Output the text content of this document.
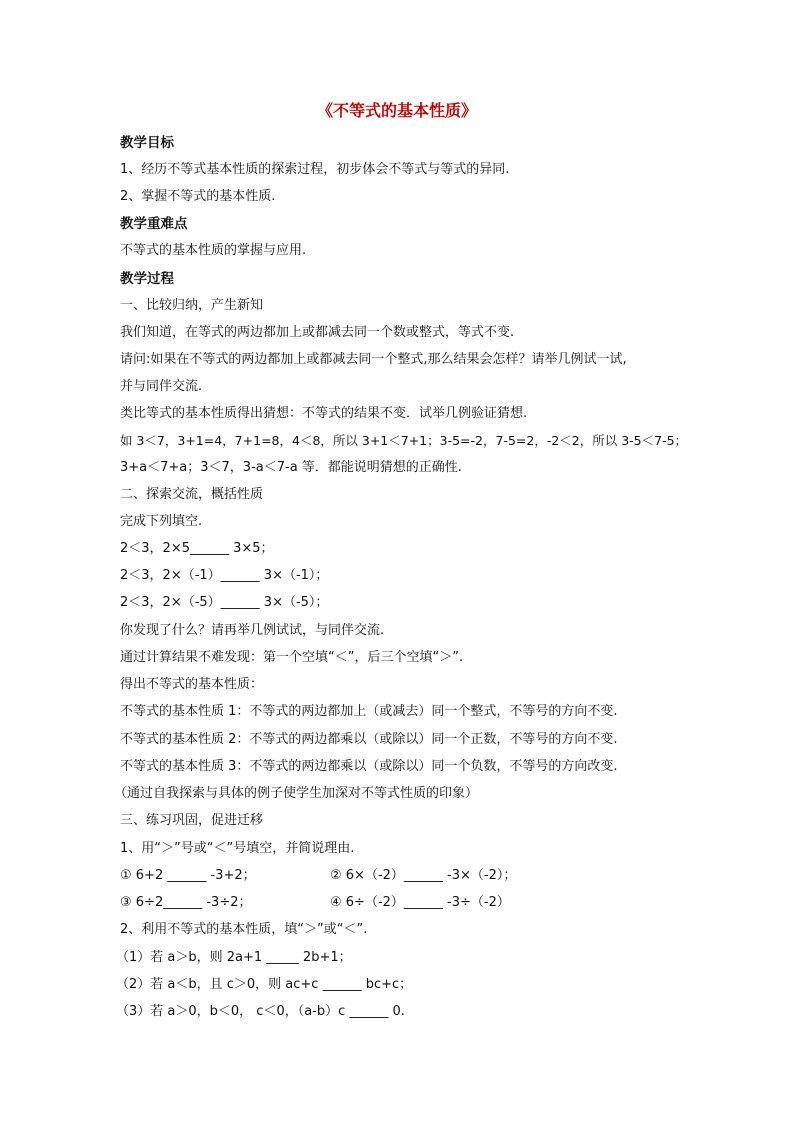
《不等式的基本性质》
教学目标
1、经历不等式基本性质的探索过程，初步体会不等式与等式的异同.
2、掌握不等式的基本性质.
教学重难点
不等式的基本性质的掌握与应用.
教学过程
一、比较归纳，产生新知
我们知道，在等式的两边都加上或都减去同一个数或整式，等式不变.
请问:如果在不等式的两边都加上或都减去同一个整式,那么结果会怎样？请举几例试一试,
并与同伴交流.
类比等式的基本性质得出猜想：不等式的结果不变．试举几例验证猜想.
如 3＜7，3+1=4，7+1=8，4＜8，所以 3+1＜7+1；3-5=-2，7-5=2，-2＜2，所以 3-5＜7-5；
3+a＜7+a；3＜7，3-a＜7-a 等．都能说明猜想的正确性.
二、探索交流，概括性质
完成下列填空.
2＜3，2×5______ 3×5；
2＜3，2×（-1）______ 3×（-1）；
2＜3，2×（-5）______ 3×（-5）；
你发现了什么？请再举几例试试，与同伴交流.
通过计算结果不难发现：第一个空填“＜”，后三个空填“＞”.
得出不等式的基本性质：
不等式的基本性质 1：不等式的两边都加上（或减去）同一个整式，不等号的方向不变.
不等式的基本性质 2：不等式的两边都乘以（或除以）同一个正数，不等号的方向不变.
不等式的基本性质 3：不等式的两边都乘以（或除以）同一个负数，不等号的方向改变.
（通过自我探索与具体的例子使学生加深对不等式性质的印象）
三、练习巩固，促进迁移
1、用“＞”号或“＜”号填空，并简说理由.
① 6+2 ______ -3+2；	② 6×（-2）______ -3×（-2）；
③ 6÷2______ -3÷2；	④ 6÷（-2）______ -3÷（-2）
2、利用不等式的基本性质，填“＞”或“＜”.
（1）若 a＞b，则 2a+1 _____ 2b+1；
（2）若 a＜b，且 c＞0，则 ac+c ______ bc+c；
（3）若 a＞0，b＜0， c＜0，（a-b）c ______ 0.
